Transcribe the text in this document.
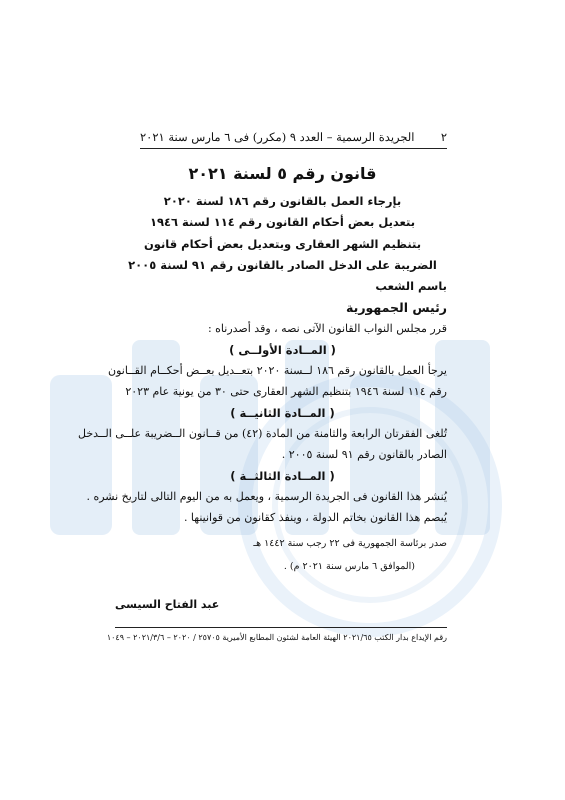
٢
الجريدة الرسمية – العدد ٩ (مكرر) فى ٦ مارس سنة ٢٠٢١
قانون رقم ٥ لسنة ٢٠٢١
بإرجاء العمل بالقانون رقم ١٨٦ لسنة ٢٠٢٠
بتعديل بعض أحكام القانون رقم ١١٤ لسنة ١٩٤٦
بتنظيم الشهر العقارى وبتعديل بعض أحكام قانون
الضريبة على الدخل الصادر بالقانون رقم ٩١ لسنة ٢٠٠٥
باسم الشعب
رئيس الجمهورية
قرر مجلس النواب القانون الآتى نصه ، وقد أصدرناه :
( المــادة الأولــى )
يرجأ العمل بالقانون رقم ١٨٦ لــسنة ٢٠٢٠ بتعــديل بعــض أحكــام القــانون
رقم ١١٤ لسنة ١٩٤٦ بتنظيم الشهر العقارى حتى ٣٠ من يونية عام ٢٠٢٣
( المــادة الثانيــة )
تُلغى الفقرتان الرابعة والثامنة من المادة (٤٢) من قــانون الــضريبة علــى الــدخل
الصادر بالقانون رقم ٩١ لسنة ٢٠٠٥ .
( المــادة الثالثــة )
يُنشر هذا القانون فى الجريدة الرسمية ، ويعمل به من اليوم التالى لتاريخ نشره .
يُبصم هذا القانون بخاتم الدولة ، وينفذ كقانون من قوانينها .
صدر برئاسة الجمهورية فى ٢٢ رجب سنة ١٤٤٢ هـ
(الموافق ٦ مارس سنة ٢٠٢١ م) .
عبد الفتاح السيسى
رقم الإيداع بدار الكتب ٢٠٢١/٦٥ الهيئة العامة لشئون المطابع الأميرية ٢٥٧٠٥ / ٢٠٢٠ – ٢٠٢١/٣/٦ – ١٠٤٩
